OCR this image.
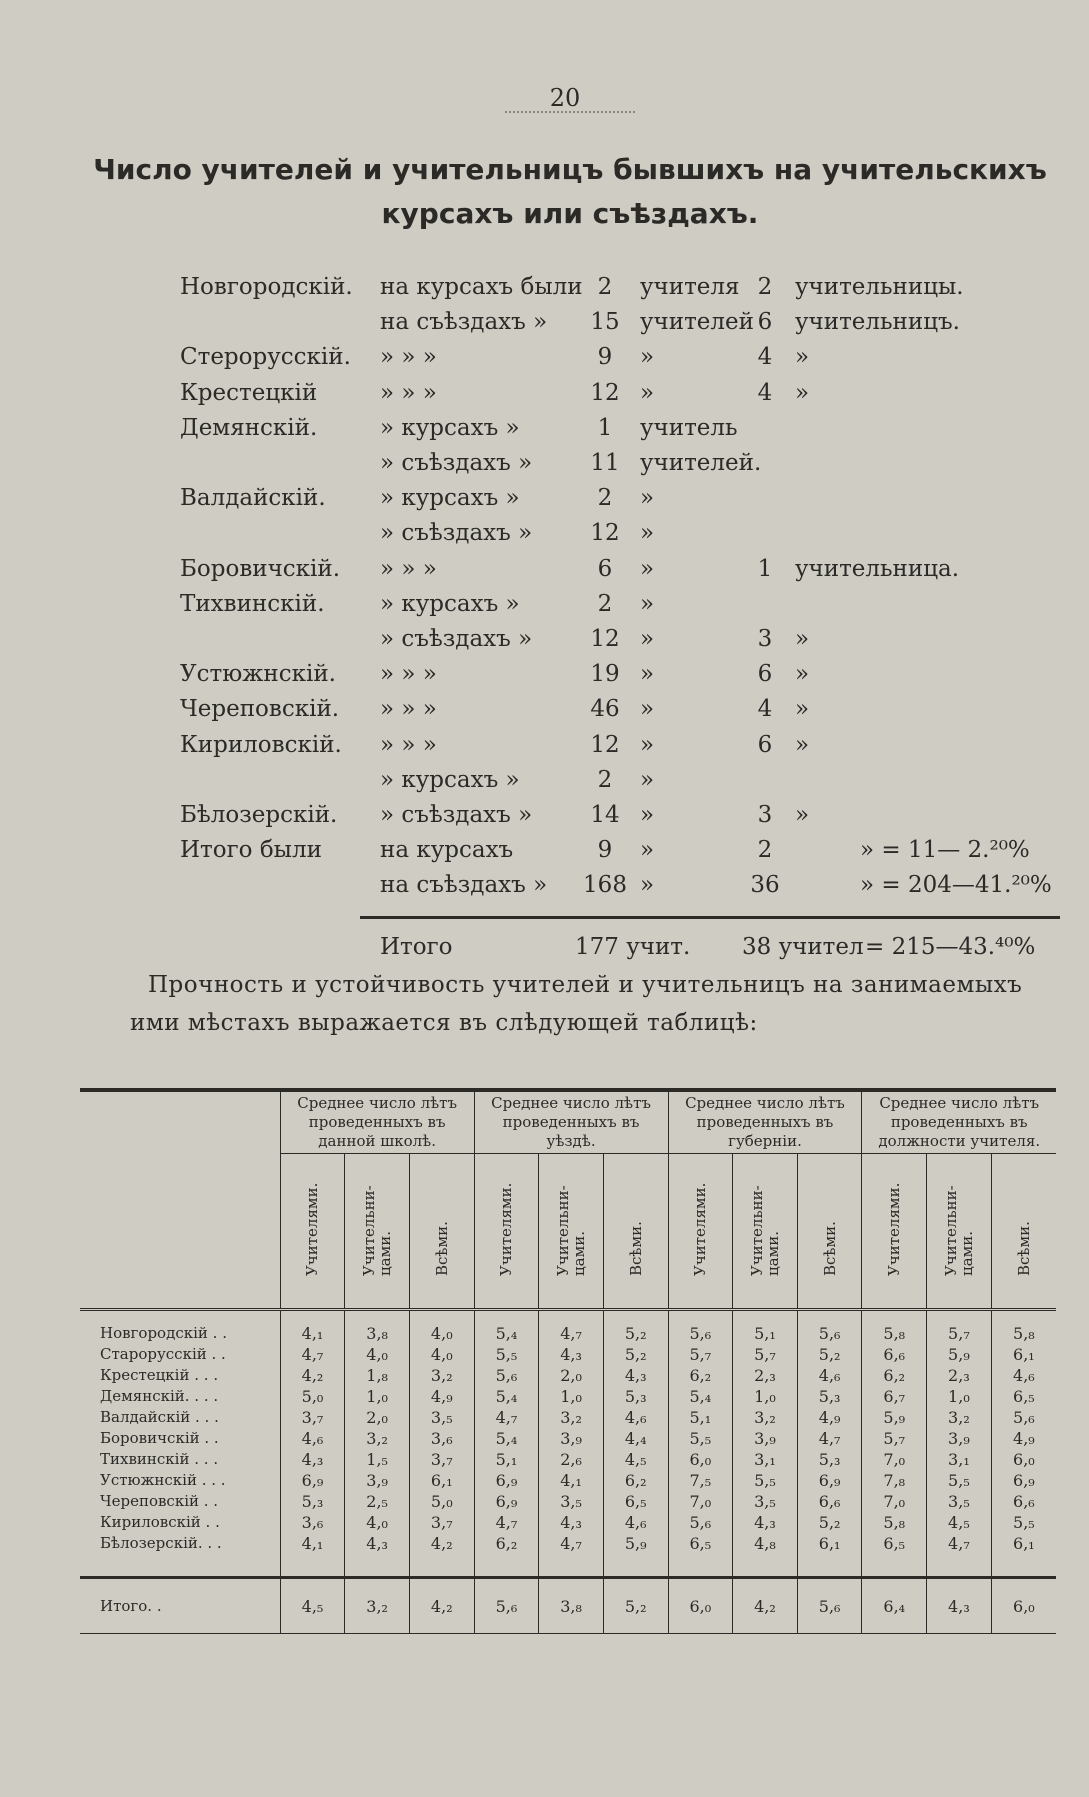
20
Число учителей и учительницъ бывшихъ на учительскихъ курсахъ или съѣздахъ.
Новгородскій. на курсахъ были 2	учителя 2 учительницы.
на съѣздахъ »	15 учителей 6 учительницъ.
Стерорусскій. » » »	9	»	4 »
Крестецкій	» » »	12 »	4 »
Демянскій.	» курсахъ »	1	учитель
» съѣздахъ »	11 учителей.
Валдайскій. » курсахъ »	2	»
» съѣздахъ »	12 »
Боровичскій. » » »	6	»	1 учительница.
Тихвинскій. » курсахъ »	2	»
» съѣздахъ »	12 »	3 »
Устюжнскій. » » »	19 »	6 »
Череповскій. » » »	46 »	4 »
Кириловскій. » » »	12 »	6 »
» курсахъ »	2	»
Бѣлозерскій. » съѣздахъ »	14 »	3 »
Итого были	на курсахъ	9	»	2	» = 11— 2.²⁰%
на съѣздахъ »	168 »	36	» = 204—41.²⁰%
Итого	177 учит. 38 учител = 215—43.⁴⁰%
Прочность и устойчивость учителей и учительницъ на занимаемыхъ ими мѣстахъ выражается въ слѣдующей таблицѣ:
	Среднее число лѣтъ проведенныхъ въ данной школѣ.			Среднее число лѣтъ проведенныхъ въ уѣздѣ.			Среднее число лѣтъ проведенныхъ въ губерніи.			Среднее число лѣтъ проведенныхъ въ должности учителя.		
	Учителями.	Учительни-цами.	Всѣми.	Учителями.	Учительни-цами.	Всѣми.	Учителями.	Учительни-цами.	Всѣми.	Учителями.	Учительни-цами.	Всѣми.
Новгородскій . .	4,₁	3,₈	4,₀	5,₄	4,₇	5,₂	5,₆	5,₁	5,₆	5,₈	5,₇	5,₈
Старорусскій . .	4,₇	4,₀	4,₀	5,₅	4,₃	5,₂	5,₇	5,₇	5,₂	6,₆	5,₉	6,₁
Крестецкій . . .	4,₂	1,₈	3,₂	5,₆	2,₀	4,₃	6,₂	2,₃	4,₆	6,₂	2,₃	4,₆
Демянскій. . . .	5,₀	1,₀	4,₉	5,₄	1,₀	5,₃	5,₄	1,₀	5,₃	6,₇	1,₀	6,₅
Валдайскій . . .	3,₇	2,₀	3,₅	4,₇	3,₂	4,₆	5,₁	3,₂	4,₉	5,₉	3,₂	5,₆
Боровичскій . .	4,₆	3,₂	3,₆	5,₄	3,₉	4,₄	5,₅	3,₉	4,₇	5,₇	3,₉	4,₉
Тихвинскій . . .	4,₃	1,₅	3,₇	5,₁	2,₆	4,₅	6,₀	3,₁	5,₃	7,₀	3,₁	6,₀
Устюжнскій . . .	6,₉	3,₉	6,₁	6,₉	4,₁	6,₂	7,₅	5,₅	6,₉	7,₈	5,₅	6,₉
Череповскій . .	5,₃	2,₅	5,₀	6,₉	3,₅	6,₅	7,₀	3,₅	6,₆	7,₀	3,₅	6,₆
Кириловскій . .	3,₆	4,₀	3,₇	4,₇	4,₃	4,₆	5,₆	4,₃	5,₂	5,₈	4,₅	5,₅
Бѣлозерскій. . .	4,₁	4,₃	4,₂	6,₂	4,₇	5,₉	6,₅	4,₈	6,₁	6,₅	4,₇	6,₁

Итого. .	4,₅	3,₂	4,₂	5,₆	3,₈	5,₂	6,₀	4,₂	5,₆	6,₄	4,₃	6,₀
